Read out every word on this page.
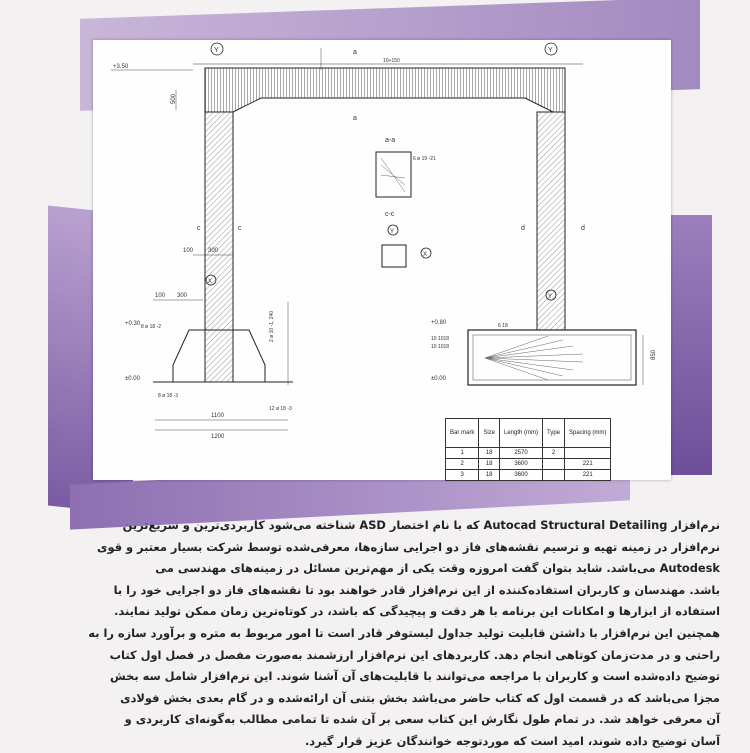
Y	Y
Y
X
X
Y
a
a
c	c	d	d
a-a
6 ø 19 -21
c-c
+3.50
+0.30	+0.80
±0.00	±0.00
10+150
500
100 300
100 300
1100
1200
850
8 ø 18 -2
8 ø 18 -3
12 ø 18 -3
2 ø 10 -1, 240	6 18
10 1018
10 1018
Bar mark	Size	Length (mm)	Type	Spacing (mm)
1	18	2570	2	
2	18	3600		221
3	18	3600		221

نرم‌افزار Autocad Structural Detailing که با نام اختصار ASD شناخته می‌شود کاربردی‌ترین و سریع‌ترین

نرم‌افزار در زمینه تهیه و ترسیم نقشه‌های فاز دو اجرایی سازه‌ها، معرفی‌شده توسط شرکت بسیار معتبر و قوی

Autodesk می‌باشد. شاید بتوان گفت امروزه وقت یکی از مهم‌ترین مسائل در زمینه‌های مهندسی می

باشد. مهندسان و کاربران استفاده‌کننده از این نرم‌افزار قادر خواهند بود تا نقشه‌های فاز دو اجرایی خود را با

استفاده از ابزارها و امکانات این برنامه با هر دقت و پیچیدگی که باشد، در کوتاه‌ترین زمان ممکن تولید نمایند.

همچنین این نرم‌افزار با داشتن قابلیت تولید جداول لیستوفر قادر است تا امور مربوط به متره و برآورد سازه را به

راحتی و در مدت‌زمان کوتاهی انجام دهد. کاربردهای این نرم‌افزار ارزشمند به‌صورت مفصل در فصل اول کتاب

توضیح داده‌شده است و کاربران با مراجعه می‌توانند با قابلیت‌های آن آشنا شوند. این نرم‌افزار شامل سه بخش

مجزا می‌باشد که در قسمت اول که کتاب حاضر می‌باشد بخش بتنی آن ارائه‌شده و در گام بعدی بخش فولادی

آن معرفی خواهد شد. در تمام طول نگارش این کتاب سعی بر آن شده تا تمامی مطالب به‌گونه‌ای کاربردی و

آسان توضیح داده شوند، امید است که موردتوجه خوانندگان عزیز قرار گیرد.
